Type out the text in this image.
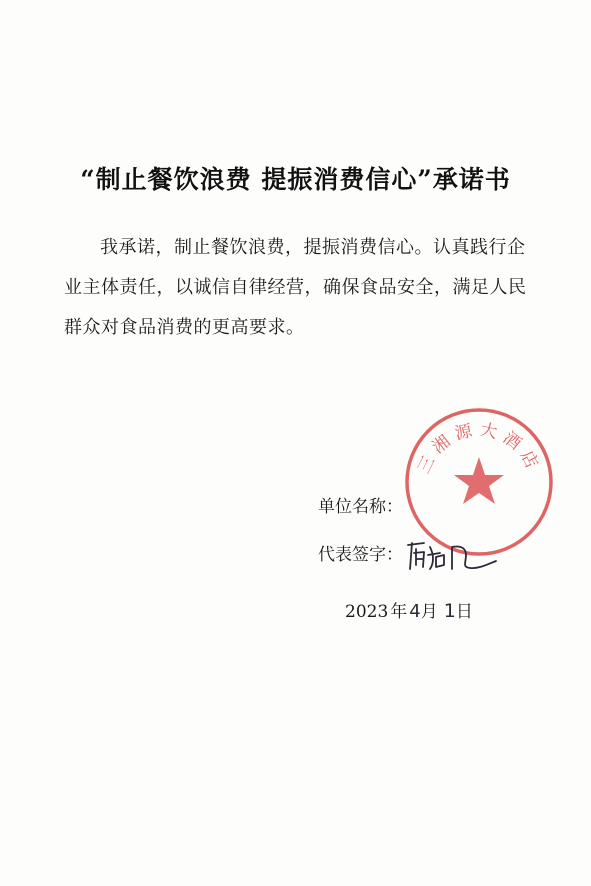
“制止餐饮浪费 提振消费信心”承诺书
我承诺，制止餐饮浪费，提振消费信心。认真践行企业主体责任，以诚信自律经营，确保食品安全，满足人民群众对食品消费的更高要求。
单位名称：
代表签字：
2023 年 4 月 1 日
三湘源大酒店
